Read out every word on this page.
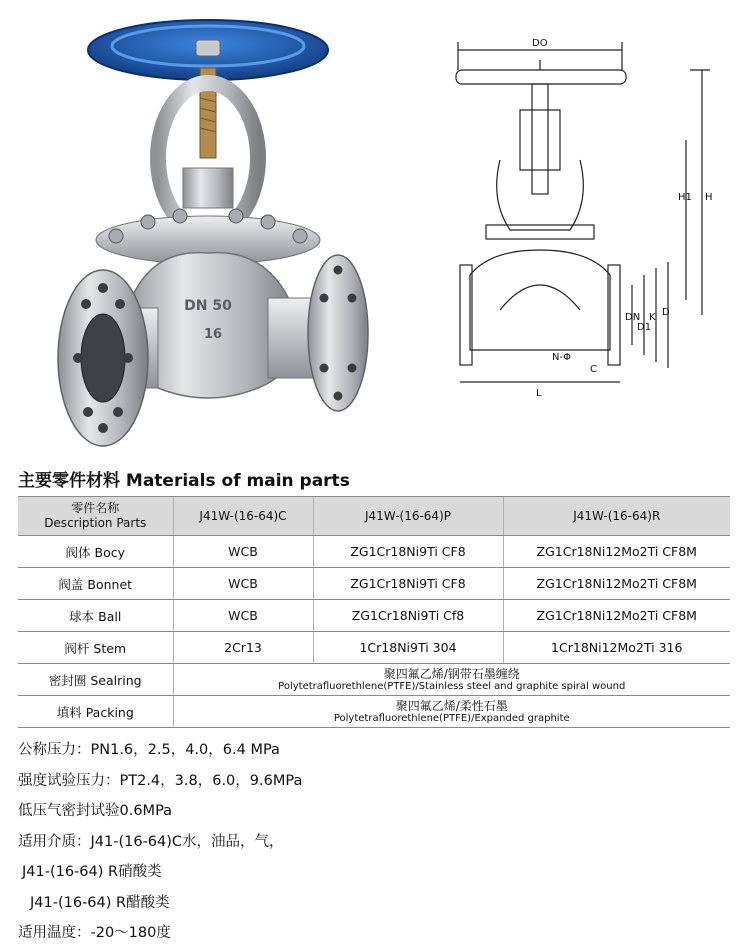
DN 50
16
DO
H1 H
DN
D1
K D
N-Φ
C
L
主要零件材料 Materials of main parts
零件名称
Description Parts	J41W-(16-64)C	J41W-(16-64)P	J41W-(16-64)R
阀体 Bocy	WCB	ZG1Cr18Ni9Ti CF8	ZG1Cr18Ni12Mo2Ti CF8M
阀盖 Bonnet	WCB	ZG1Cr18Ni9Ti CF8	ZG1Cr18Ni12Mo2Ti CF8M
球本 Ball	WCB	ZG1Cr18Ni9Ti Cf8	ZG1Cr18Ni12Mo2Ti CF8M
阀杆 Stem	2Cr13	1Cr18Ni9Ti 304	1Cr18Ni12Mo2Ti 316
密封圈 Sealring	聚四氟乙烯/钢带石墨缠绕
Polytetrafluorethlene(PTFE)/Stainless steel and graphite spiral wound		

填料 Packing	聚四氟乙烯/柔性石墨
Polytetrafluorethlene(PTFE)/Expanded graphite		
公称压力：PN1.6，2.5，4.0，6.4 MPa
强度试验压力：PT2.4，3.8，6.0，9.6MPa
低压气密封试验0.6MPa
适用介质：J41-(16-64)C水，油品，气，
J41-(16-64) R硝酸类
J41-(16-64) R醋酸类
适用温度：-20～180度
